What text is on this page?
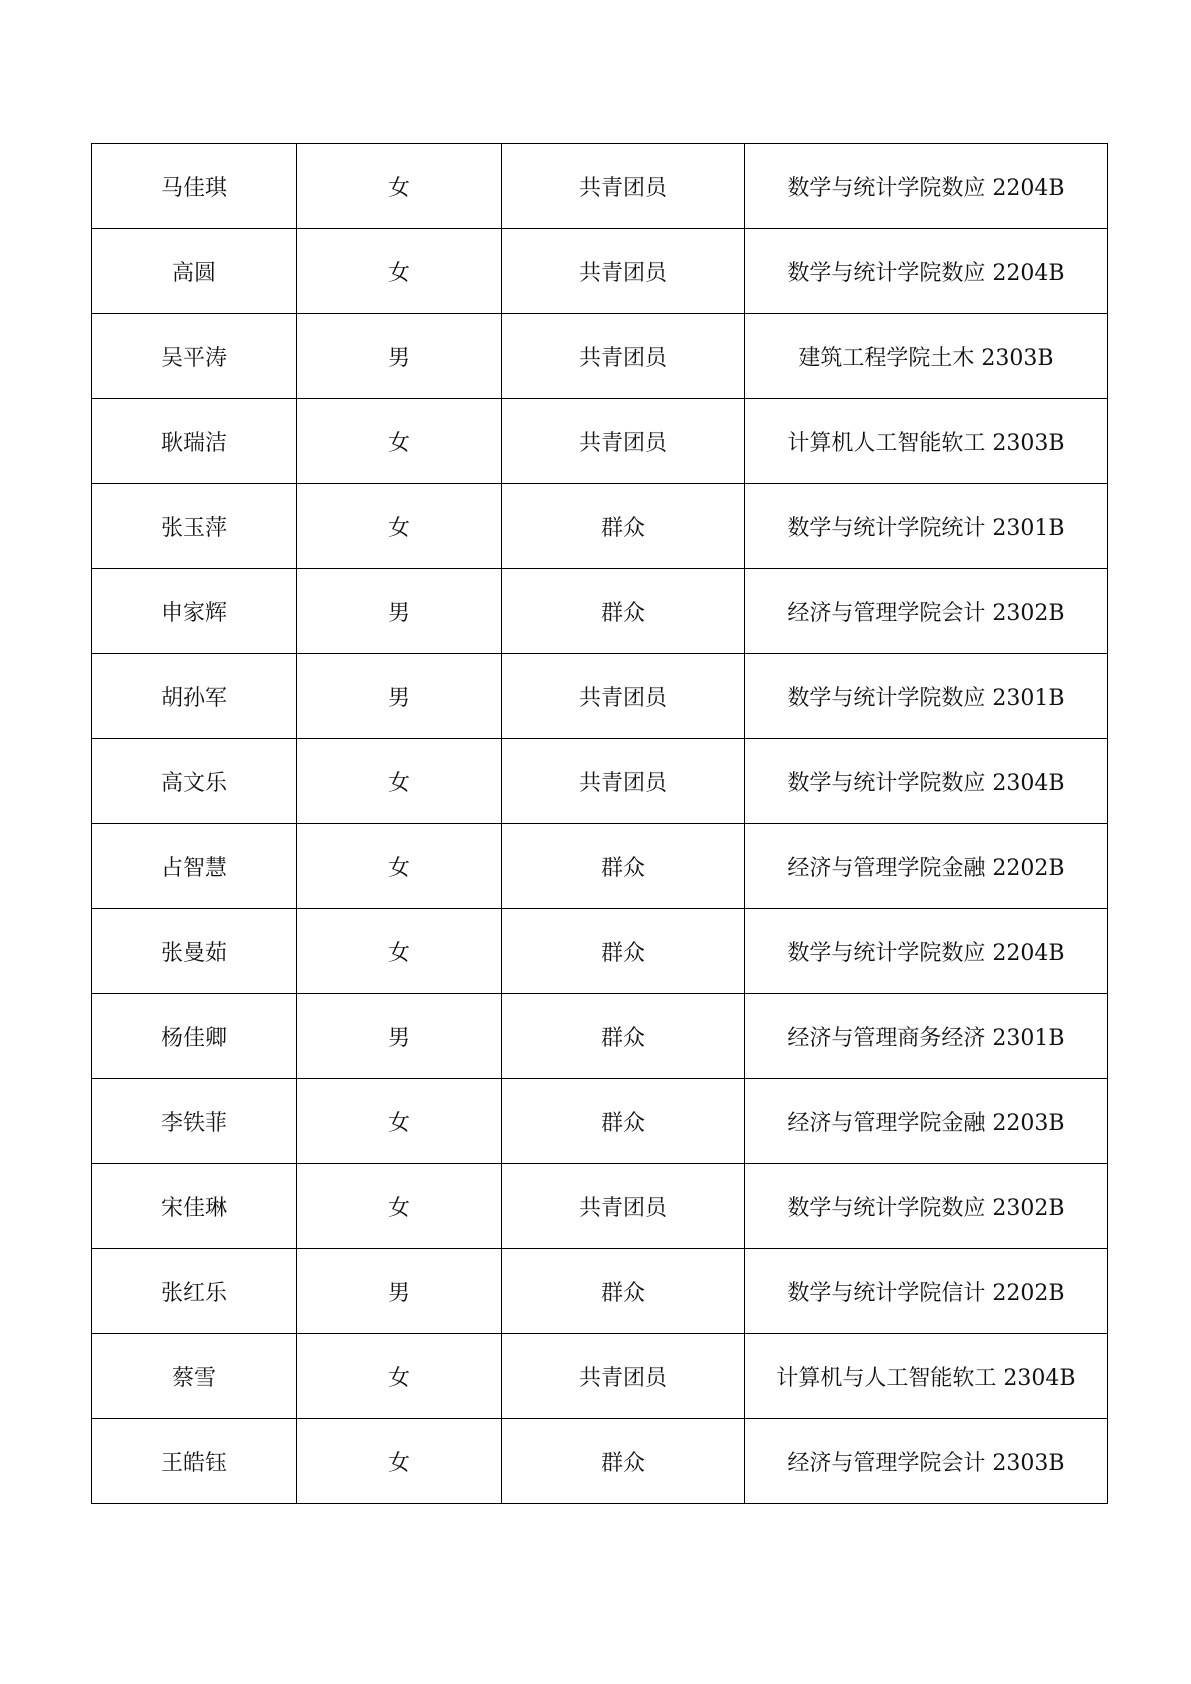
马佳琪	女	共青团员	数学与统计学院数应 2204B
高圆	女	共青团员	数学与统计学院数应 2204B
吴平涛	男	共青团员	建筑工程学院土木 2303B
耿瑞洁	女	共青团员	计算机人工智能软工 2303B
张玉萍	女	群众	数学与统计学院统计 2301B
申家辉	男	群众	经济与管理学院会计 2302B
胡孙军	男	共青团员	数学与统计学院数应 2301B
高文乐	女	共青团员	数学与统计学院数应 2304B
占智慧	女	群众	经济与管理学院金融 2202B
张曼茹	女	群众	数学与统计学院数应 2204B
杨佳卿	男	群众	经济与管理商务经济 2301B
李铁菲	女	群众	经济与管理学院金融 2203B
宋佳琳	女	共青团员	数学与统计学院数应 2302B
张红乐	男	群众	数学与统计学院信计 2202B
蔡雪	女	共青团员	计算机与人工智能软工 2304B
王皓钰	女	群众	经济与管理学院会计 2303B
